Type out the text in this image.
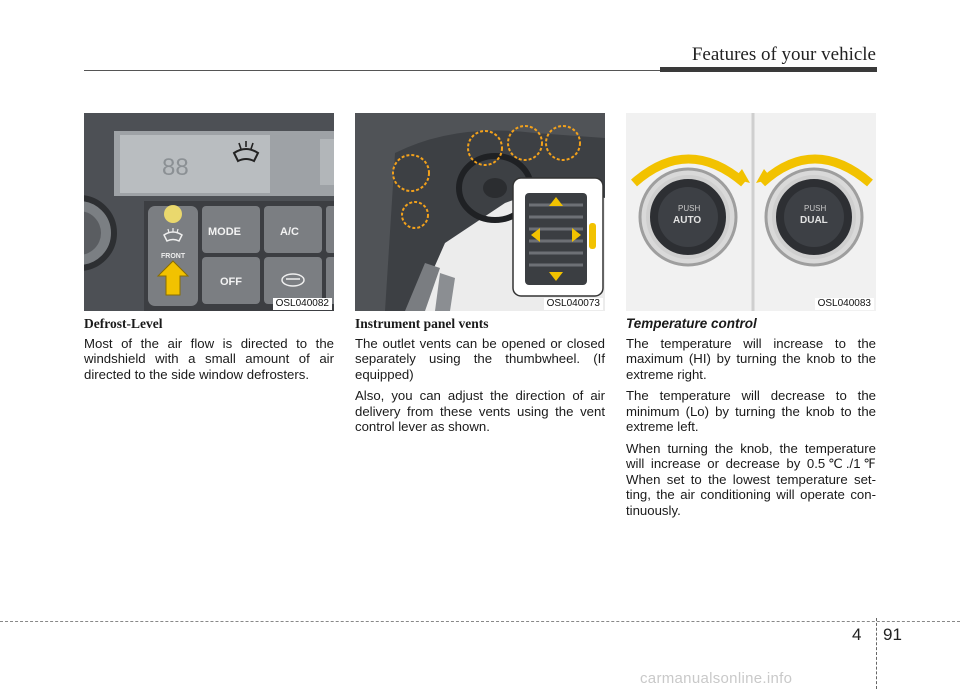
Features of your vehicle
88
MODE	A/C
OFF
FRONT
OSL040082	OSL040073
PUSH
AUTO
PUSH
DUAL
OSL040083
Defrost-Level

Most of the air flow is directed to the windshield with a small amount of air directed to the side window defrosters.

Instrument panel vents

The outlet vents can be opened or closed separately using the thumbwheel. (If equipped)

Also, you can adjust the direction of air delivery from these vents using the vent control lever as shown.

Temperature control

The temperature will increase to the maximum (HI) by turning the knob to the extreme right.

The temperature will decrease to the minimum (Lo) by turning the knob to the extreme left.

When turning the knob, the temperature will increase or decrease by 0.5℃./1℉ When set to the lowest temperature set-ting, the air conditioning will operate con-tinuously.

4 91
carmanualsonline.info
